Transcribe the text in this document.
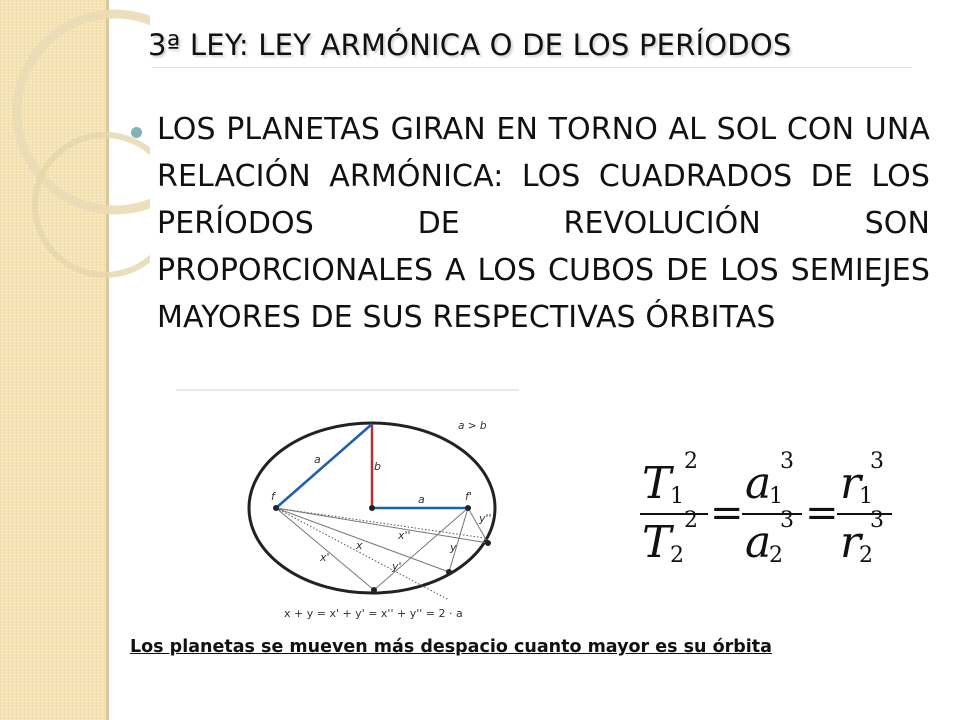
3ª LEY: LEY ARMÓNICA O DE LOS PERÍODOS

LOS PLANETAS GIRAN EN TORNO AL SOL CON UNA RELACIÓN ARMÓNICA: LOS CUADRADOS DE LOS PERÍODOS DE REVOLUCIÓN SON PROPORCIONALES A LOS CUBOS DE LOS SEMIEJES MAYORES DE SUS RESPECTIVAS ÓRBITAS

a > b
a
b
a
f	f'
x
x'
x''
y
y'
y''
x + y = x' + y' = x'' + y'' = 2 · a
T
1
2
T
2
2 =
a
1
3
a
2
3 =
r
1
3
r
2
3

Los planetas se mueven más despacio cuanto mayor es su órbita
